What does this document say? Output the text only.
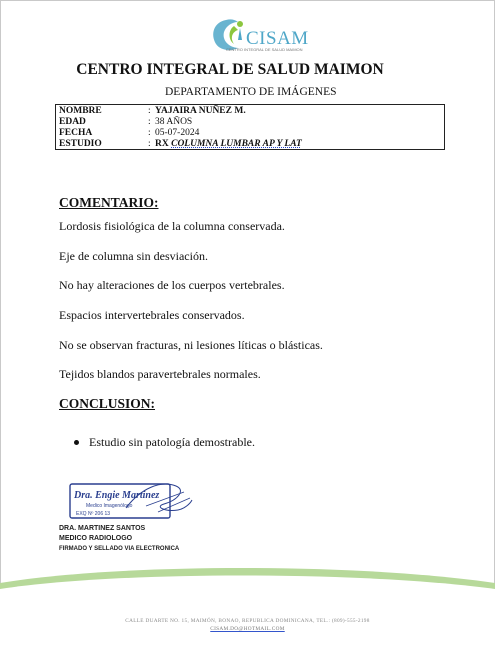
CISAM
CENTRO INTEGRAL DE SALUD MAIMON
CENTRO INTEGRAL DE SALUD MAIMON
DEPARTAMENTO DE IMÁGENES
NOMBRE	: YAJAIRA NUÑEZ M.
EDAD	: 38 AÑOS
FECHA	: 05-07-2024
ESTUDIO	: RX COLUMNA LUMBAR AP Y LAT
COMENTARIO:
Lordosis fisiológica de la columna conservada.
Eje de columna sin desviación.
No hay alteraciones de los cuerpos vertebrales.
Espacios intervertebrales conservados.
No se observan fracturas, ni lesiones líticas o blásticas.
Tejidos blandos paravertebrales normales.
CONCLUSION:
Estudio sin patología demostrable.
Dra. Engie Martinez
Medico Imagenólogo
EXQ Nº 206 13
DRA. MARTINEZ SANTOS
MEDICO RADIOLOGO
FIRMADO Y SELLADO VIA ELECTRONICA
CALLE DUARTE NO. 15, MAIMÓN, BONAO, REPUBLICA DOMINICANA, TEL.: (809)-555-2198
CISAM.DO@HOTMAIL.COM
